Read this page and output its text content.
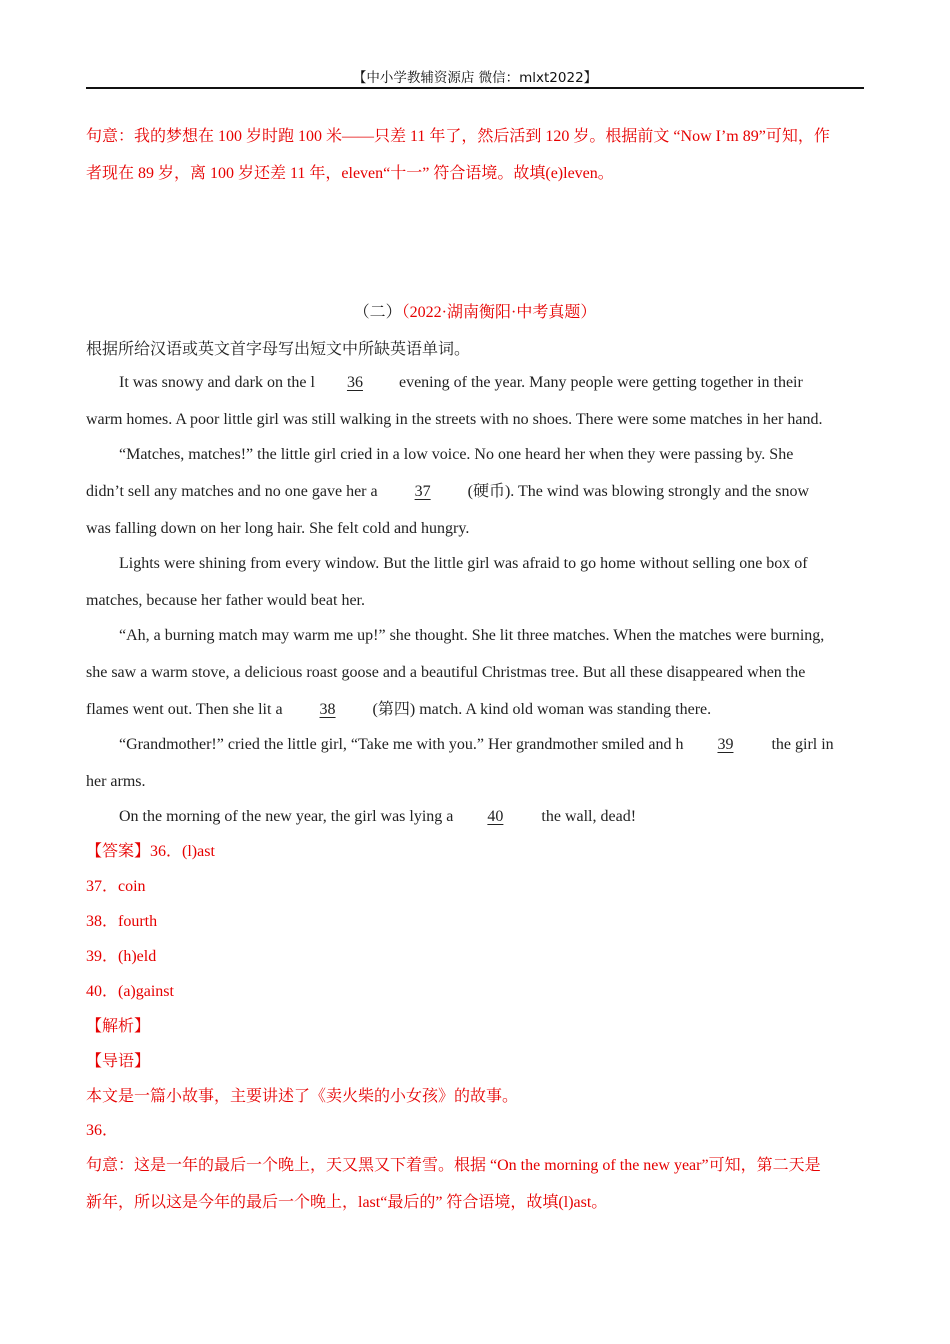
【中小学教辅资源店 微信：mlxt2022】
句意：我的梦想在 100 岁时跑 100 米——只差 11 年了，然后活到 120 岁。根据前文 “Now I’m 89”可知，作
者现在 89 岁，离 100 岁还差 11 年，eleven“十一” 符合语境。故填(e)leven。
（二）（2022·湖南衡阳·中考真题）
根据所给汉语或英文首字母写出短文中所缺英语单词。
It was snowy and dark on the l 36 evening of the year. Many people were getting together in their
warm homes. A poor little girl was still walking in the streets with no shoes. There were some matches in her hand.
“Matches, matches!” the little girl cried in a low voice. No one heard her when they were passing by. She
didn’t sell any matches and no one gave her a 37 (硬币). The wind was blowing strongly and the snow
was falling down on her long hair. She felt cold and hungry.
Lights were shining from every window. But the little girl was afraid to go home without selling one box of
matches, because her father would beat her.
“Ah, a burning match may warm me up!” she thought. She lit three matches. When the matches were burning,
she saw a warm stove, a delicious roast goose and a beautiful Christmas tree. But all these disappeared when the
flames went out. Then she lit a 38 (第四) match. A kind old woman was standing there.
“Grandmother!” cried the little girl, “Take me with you.” Her grandmother smiled and h 39 the girl in
her arms.
On the morning of the new year, the girl was lying a 40 the wall, dead!
【答案】36．(l)ast
37．coin
38．fourth
39．(h)eld
40．(a)gainst
【解析】
【导语】
本文是一篇小故事，主要讲述了《卖火柴的小女孩》的故事。
36．
句意：这是一年的最后一个晚上，天又黑又下着雪。根据 “On the morning of the new year”可知，第二天是
新年，所以这是今年的最后一个晚上，last“最后的” 符合语境，故填(l)ast。
